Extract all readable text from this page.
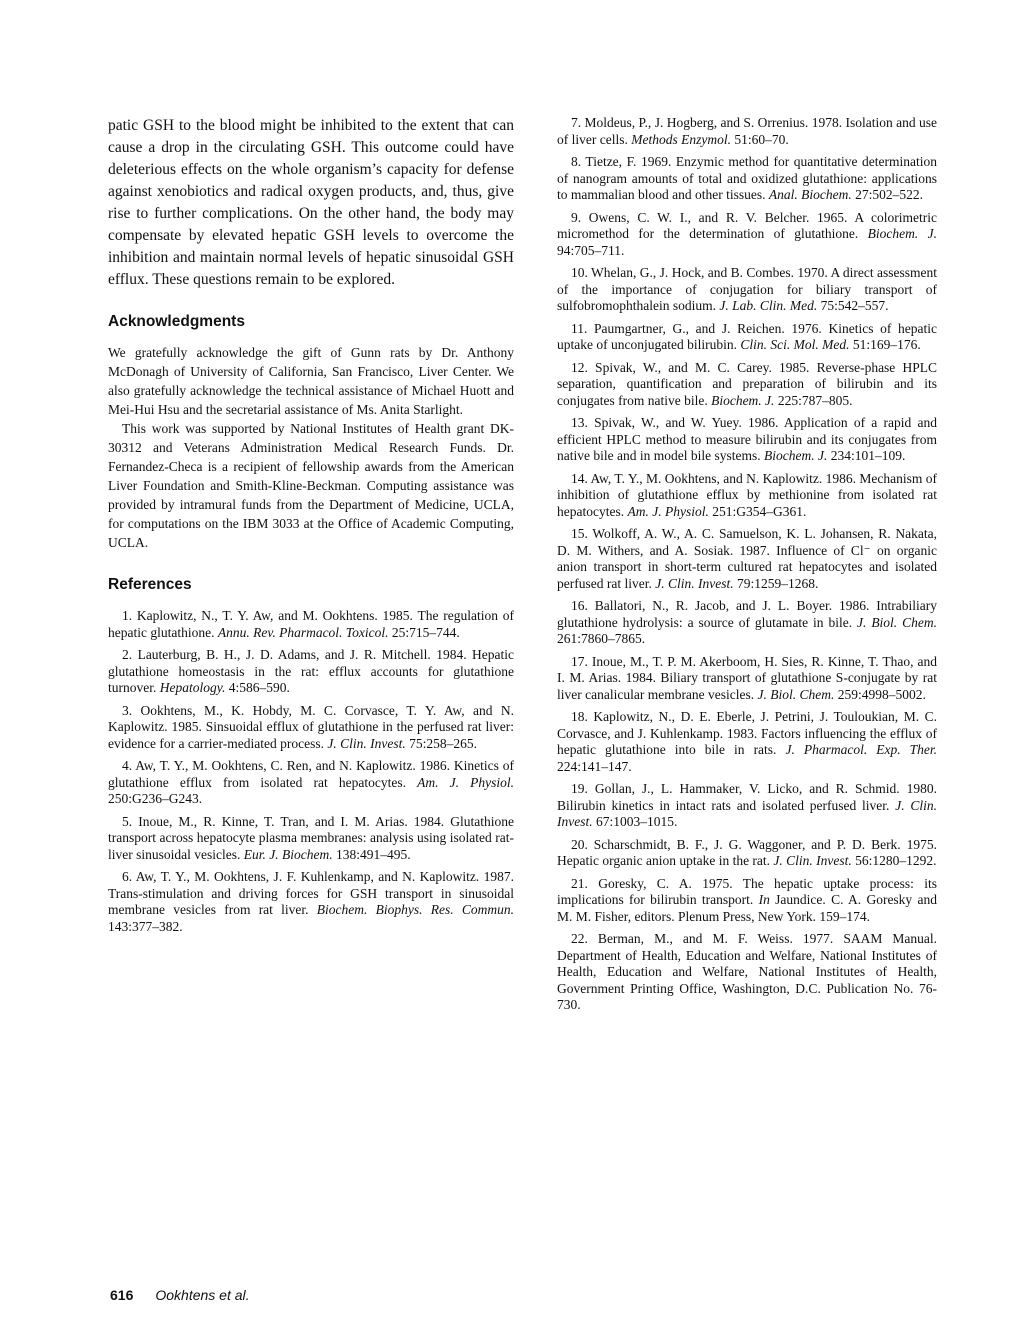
patic GSH to the blood might be inhibited to the extent that can cause a drop in the circulating GSH. This outcome could have deleterious effects on the whole organism’s capacity for defense against xenobiotics and radical oxygen products, and, thus, give rise to further complications. On the other hand, the body may compensate by elevated hepatic GSH levels to overcome the inhibition and maintain normal levels of hepatic sinusoidal GSH efflux. These questions remain to be explored.

Acknowledgments

We gratefully acknowledge the gift of Gunn rats by Dr. Anthony McDonagh of University of California, San Francisco, Liver Center. We also gratefully acknowledge the technical assistance of Michael Huott and Mei-Hui Hsu and the secretarial assistance of Ms. Anita Starlight.

This work was supported by National Institutes of Health grant DK-30312 and Veterans Administration Medical Research Funds. Dr. Fernandez-Checa is a recipient of fellowship awards from the American Liver Foundation and Smith-Kline-Beckman. Computing assistance was provided by intramural funds from the Department of Medicine, UCLA, for computations on the IBM 3033 at the Office of Academic Computing, UCLA.

References

1. Kaplowitz, N., T. Y. Aw, and M. Ookhtens. 1985. The regulation of hepatic glutathione. Annu. Rev. Pharmacol. Toxicol. 25:715–744.

2. Lauterburg, B. H., J. D. Adams, and J. R. Mitchell. 1984. Hepatic glutathione homeostasis in the rat: efflux accounts for glutathione turnover. Hepatology. 4:586–590.

3. Ookhtens, M., K. Hobdy, M. C. Corvasce, T. Y. Aw, and N. Kaplowitz. 1985. Sinsuoidal efflux of glutathione in the perfused rat liver: evidence for a carrier-mediated process. J. Clin. Invest. 75:258–265.

4. Aw, T. Y., M. Ookhtens, C. Ren, and N. Kaplowitz. 1986. Kinetics of glutathione efflux from isolated rat hepatocytes. Am. J. Physiol. 250:G236–G243.

5. Inoue, M., R. Kinne, T. Tran, and I. M. Arias. 1984. Glutathione transport across hepatocyte plasma membranes: analysis using isolated rat-liver sinusoidal vesicles. Eur. J. Biochem. 138:491–495.

6. Aw, T. Y., M. Ookhtens, J. F. Kuhlenkamp, and N. Kaplowitz. 1987. Trans-stimulation and driving forces for GSH transport in sinusoidal membrane vesicles from rat liver. Biochem. Biophys. Res. Commun. 143:377–382.

7. Moldeus, P., J. Hogberg, and S. Orrenius. 1978. Isolation and use of liver cells. Methods Enzymol. 51:60–70.

8. Tietze, F. 1969. Enzymic method for quantitative determination of nanogram amounts of total and oxidized glutathione: applications to mammalian blood and other tissues. Anal. Biochem. 27:502–522.

9. Owens, C. W. I., and R. V. Belcher. 1965. A colorimetric micromethod for the determination of glutathione. Biochem. J. 94:705–711.

10. Whelan, G., J. Hock, and B. Combes. 1970. A direct assessment of the importance of conjugation for biliary transport of sulfobromophthalein sodium. J. Lab. Clin. Med. 75:542–557.

11. Paumgartner, G., and J. Reichen. 1976. Kinetics of hepatic uptake of unconjugated bilirubin. Clin. Sci. Mol. Med. 51:169–176.

12. Spivak, W., and M. C. Carey. 1985. Reverse-phase HPLC separation, quantification and preparation of bilirubin and its conjugates from native bile. Biochem. J. 225:787–805.

13. Spivak, W., and W. Yuey. 1986. Application of a rapid and efficient HPLC method to measure bilirubin and its conjugates from native bile and in model bile systems. Biochem. J. 234:101–109.

14. Aw, T. Y., M. Ookhtens, and N. Kaplowitz. 1986. Mechanism of inhibition of glutathione efflux by methionine from isolated rat hepatocytes. Am. J. Physiol. 251:G354–G361.

15. Wolkoff, A. W., A. C. Samuelson, K. L. Johansen, R. Nakata, D. M. Withers, and A. Sosiak. 1987. Influence of Cl⁻ on organic anion transport in short-term cultured rat hepatocytes and isolated perfused rat liver. J. Clin. Invest. 79:1259–1268.

16. Ballatori, N., R. Jacob, and J. L. Boyer. 1986. Intrabiliary glutathione hydrolysis: a source of glutamate in bile. J. Biol. Chem. 261:7860–7865.

17. Inoue, M., T. P. M. Akerboom, H. Sies, R. Kinne, T. Thao, and I. M. Arias. 1984. Biliary transport of glutathione S-conjugate by rat liver canalicular membrane vesicles. J. Biol. Chem. 259:4998–5002.

18. Kaplowitz, N., D. E. Eberle, J. Petrini, J. Touloukian, M. C. Corvasce, and J. Kuhlenkamp. 1983. Factors influencing the efflux of hepatic glutathione into bile in rats. J. Pharmacol. Exp. Ther. 224:141–147.

19. Gollan, J., L. Hammaker, V. Licko, and R. Schmid. 1980. Bilirubin kinetics in intact rats and isolated perfused liver. J. Clin. Invest. 67:1003–1015.

20. Scharschmidt, B. F., J. G. Waggoner, and P. D. Berk. 1975. Hepatic organic anion uptake in the rat. J. Clin. Invest. 56:1280–1292.

21. Goresky, C. A. 1975. The hepatic uptake process: its implications for bilirubin transport. In Jaundice. C. A. Goresky and M. M. Fisher, editors. Plenum Press, New York. 159–174.

22. Berman, M., and M. F. Weiss. 1977. SAAM Manual. Department of Health, Education and Welfare, National Institutes of Health, Education and Welfare, National Institutes of Health, Government Printing Office, Washington, D.C. Publication No. 76-730.

616 Ookhtens et al.
